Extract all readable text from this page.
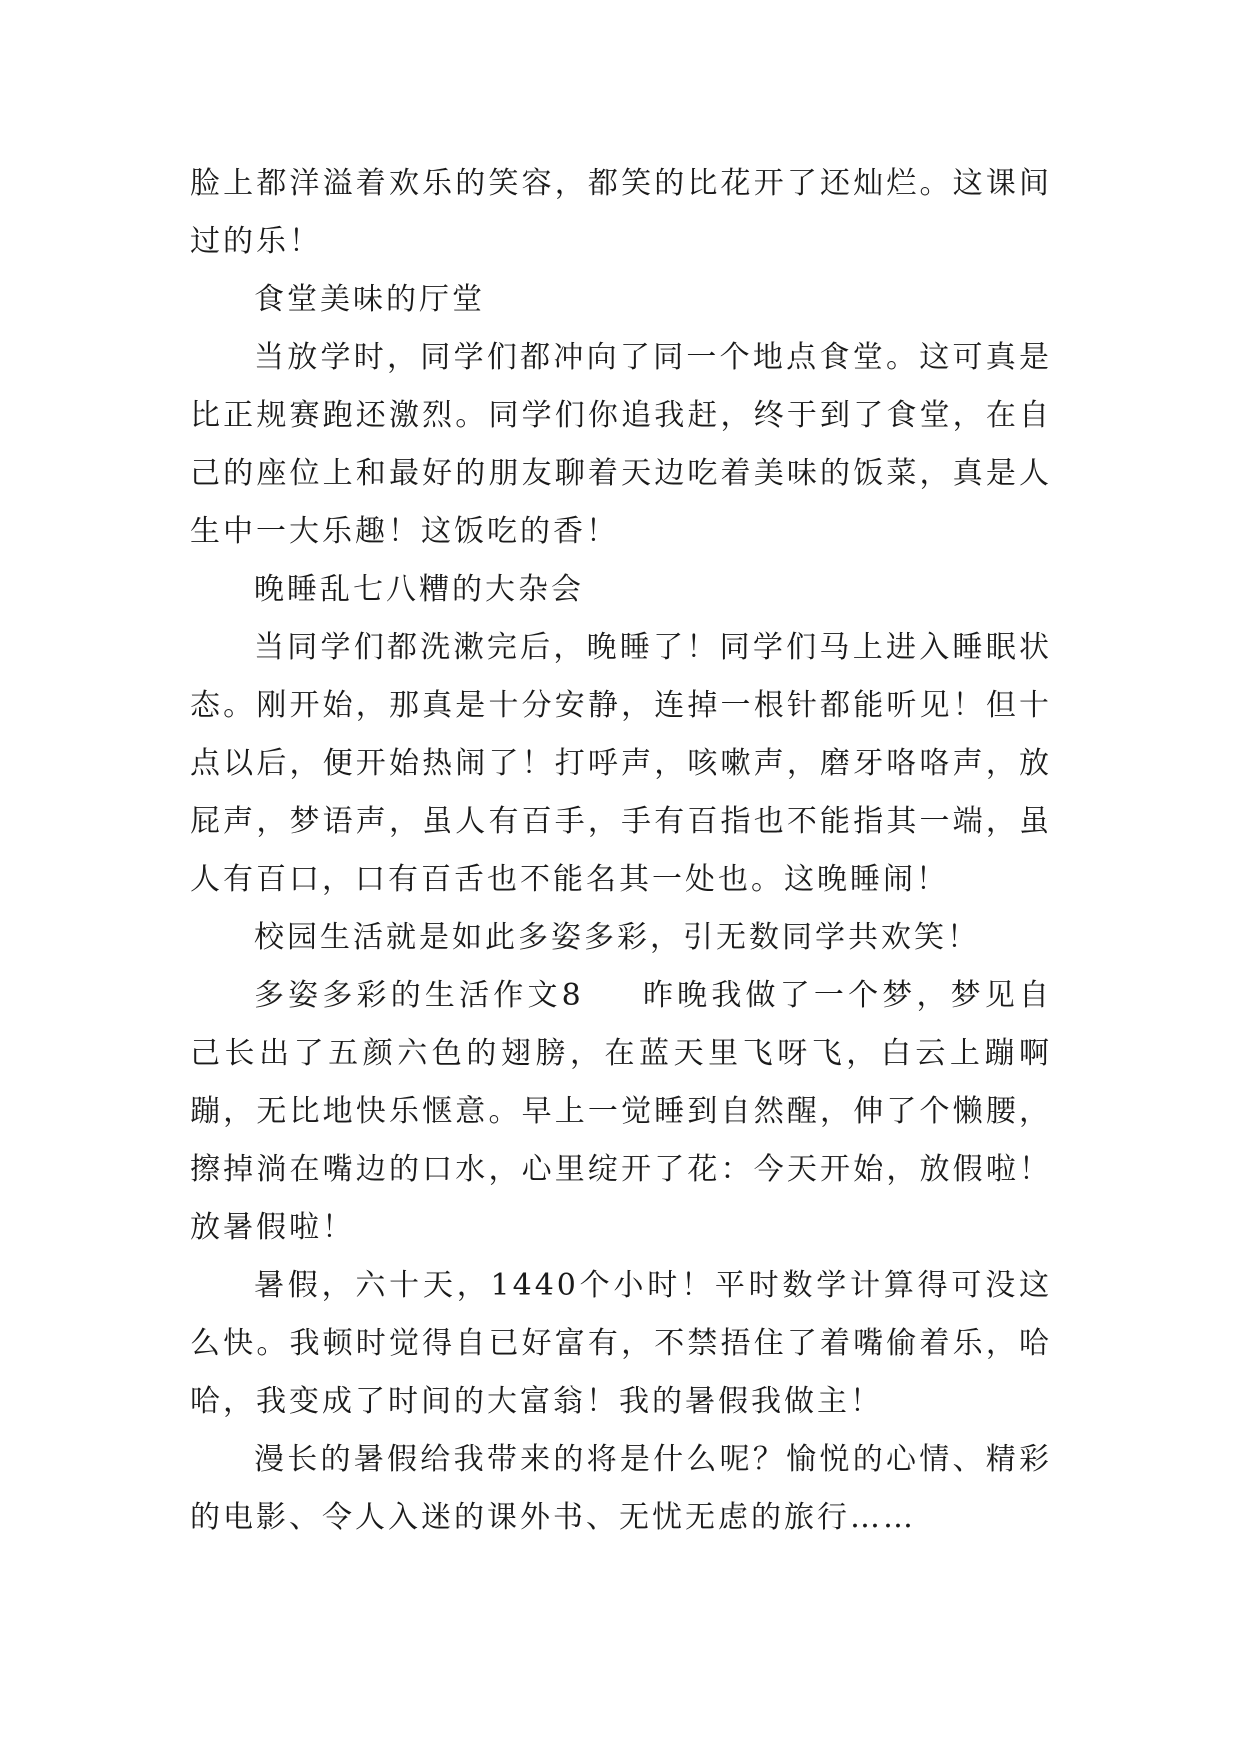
脸上都洋溢着欢乐的笑容，都笑的比花开了还灿烂。这课间过的乐！

食堂美味的厅堂

当放学时，同学们都冲向了同一个地点食堂。这可真是比正规赛跑还激烈。同学们你追我赶，终于到了食堂，在自己的座位上和最好的朋友聊着天边吃着美味的饭菜，真是人生中一大乐趣！这饭吃的香！

晚睡乱七八糟的大杂会

当同学们都洗漱完后，晚睡了！同学们马上进入睡眠状态。刚开始，那真是十分安静，连掉一根针都能听见！但十点以后，便开始热闹了！打呼声，咳嗽声，磨牙咯咯声，放屁声，梦语声，虽人有百手，手有百指也不能指其一端，虽人有百口，口有百舌也不能名其一处也。这晚睡闹！

校园生活就是如此多姿多彩，引无数同学共欢笑！

多姿多彩的生活作文8 昨晚我做了一个梦，梦见自己长出了五颜六色的翅膀，在蓝天里飞呀飞，白云上蹦啊蹦，无比地快乐惬意。早上一觉睡到自然醒，伸了个懒腰，擦掉淌在嘴边的口水，心里绽开了花：今天开始，放假啦！放暑假啦！

暑假，六十天，1440个小时！平时数学计算得可没这么快。我顿时觉得自已好富有，不禁捂住了着嘴偷着乐，哈哈，我变成了时间的大富翁！我的暑假我做主！

漫长的暑假给我带来的将是什么呢？愉悦的心情、精彩的电影、令人入迷的课外书、无忧无虑的旅行……
